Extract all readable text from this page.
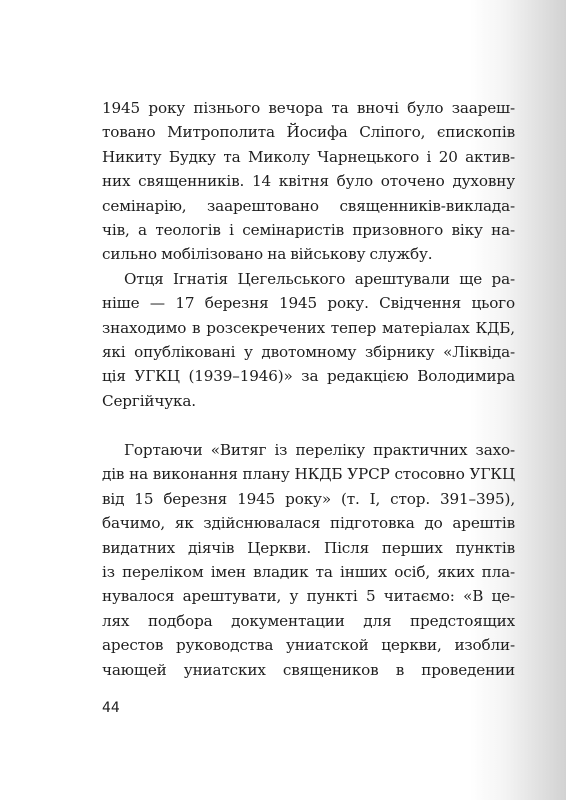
1945 року пізнього вечора та вночі було заареш-
товано Митрополита Йосифа Сліпого, єпископів
Никиту Будку та Миколу Чарнецького і 20 актив-
них священників. 14 квітня було оточено духовну
семінарію, заарештовано священників-виклада-
чів, а теологів і семінаристів призовного віку на-
сильно мобілізовано на військову службу.
Отця Ігнатія Цегельського арештували ще ра-
ніше — 17 березня 1945 року. Свідчення цього
знаходимо в розсекречених тепер матеріалах КДБ,
які опубліковані у двотомному збірнику «Ліквіда-
ція УГКЦ (1939–1946)» за редакцією Володимира
Сергійчука.
Гортаючи «Витяг із переліку практичних захо-
дів на виконання плану НКДБ УРСР стосовно УГКЦ
від 15 березня 1945 року» (т. I, стор. 391–395),
бачимо, як здійснювалася підготовка до арештів
видатних діячів Церкви. Після перших пунктів
із переліком імен владик та інших осіб, яких пла-
нувалося арештувати, у пункті 5 читаємо: «В це-
лях подбора документации для предстоящих
арестов руководства униатской церкви, изобли-
чающей униатских священиков в проведении
44
